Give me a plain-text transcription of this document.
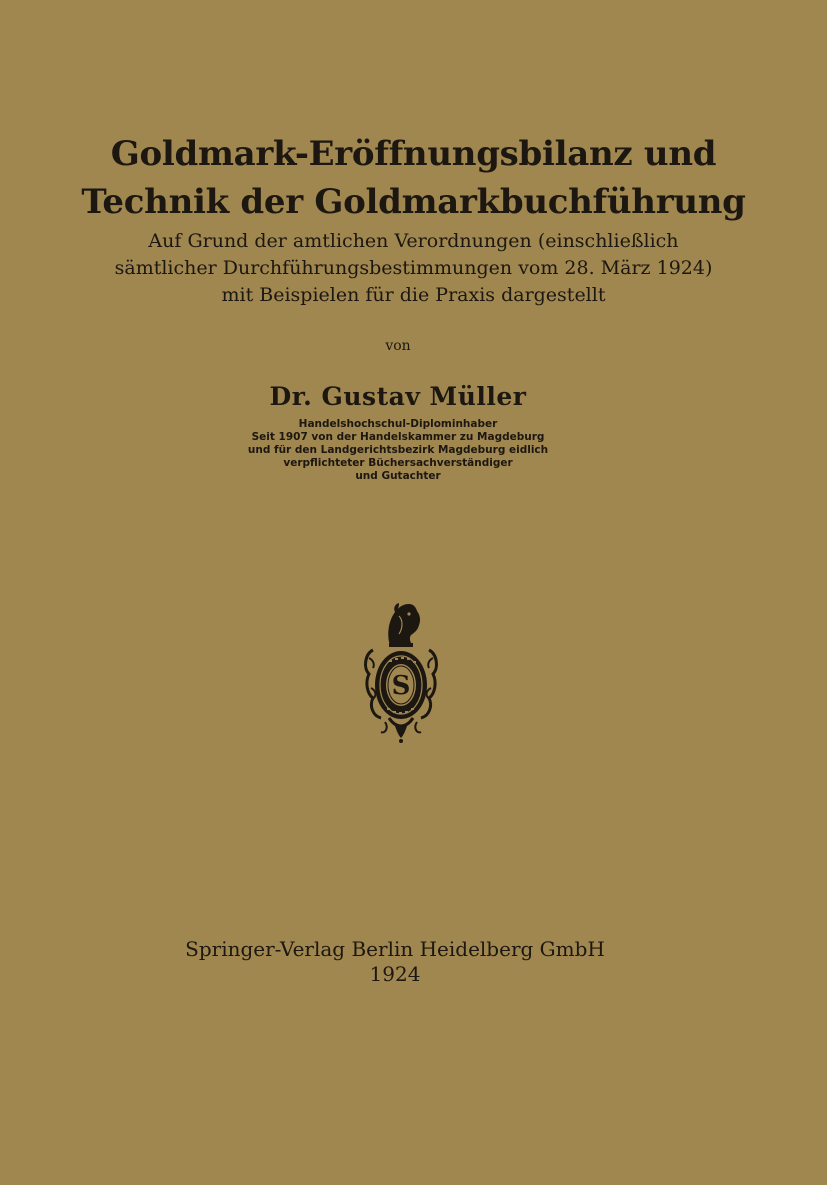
Goldmark-Eröffnungsbilanz und
Technik der Goldmarkbuchführung
Auf Grund der amtlichen Verordnungen (einschließlich
sämtlicher Durchführungsbestimmungen vom 28. März 1924)
mit Beispielen für die Praxis dargestellt
von
Dr. Gustav Müller
Handelshochschul-Diplominhaber
Seit 1907 von der Handelskammer zu Magdeburg
und für den Landgerichtsbezirk Magdeburg eidlich
verpflichteter Büchersachverständiger
und Gutachter
S
Springer-Verlag Berlin Heidelberg GmbH
1924
